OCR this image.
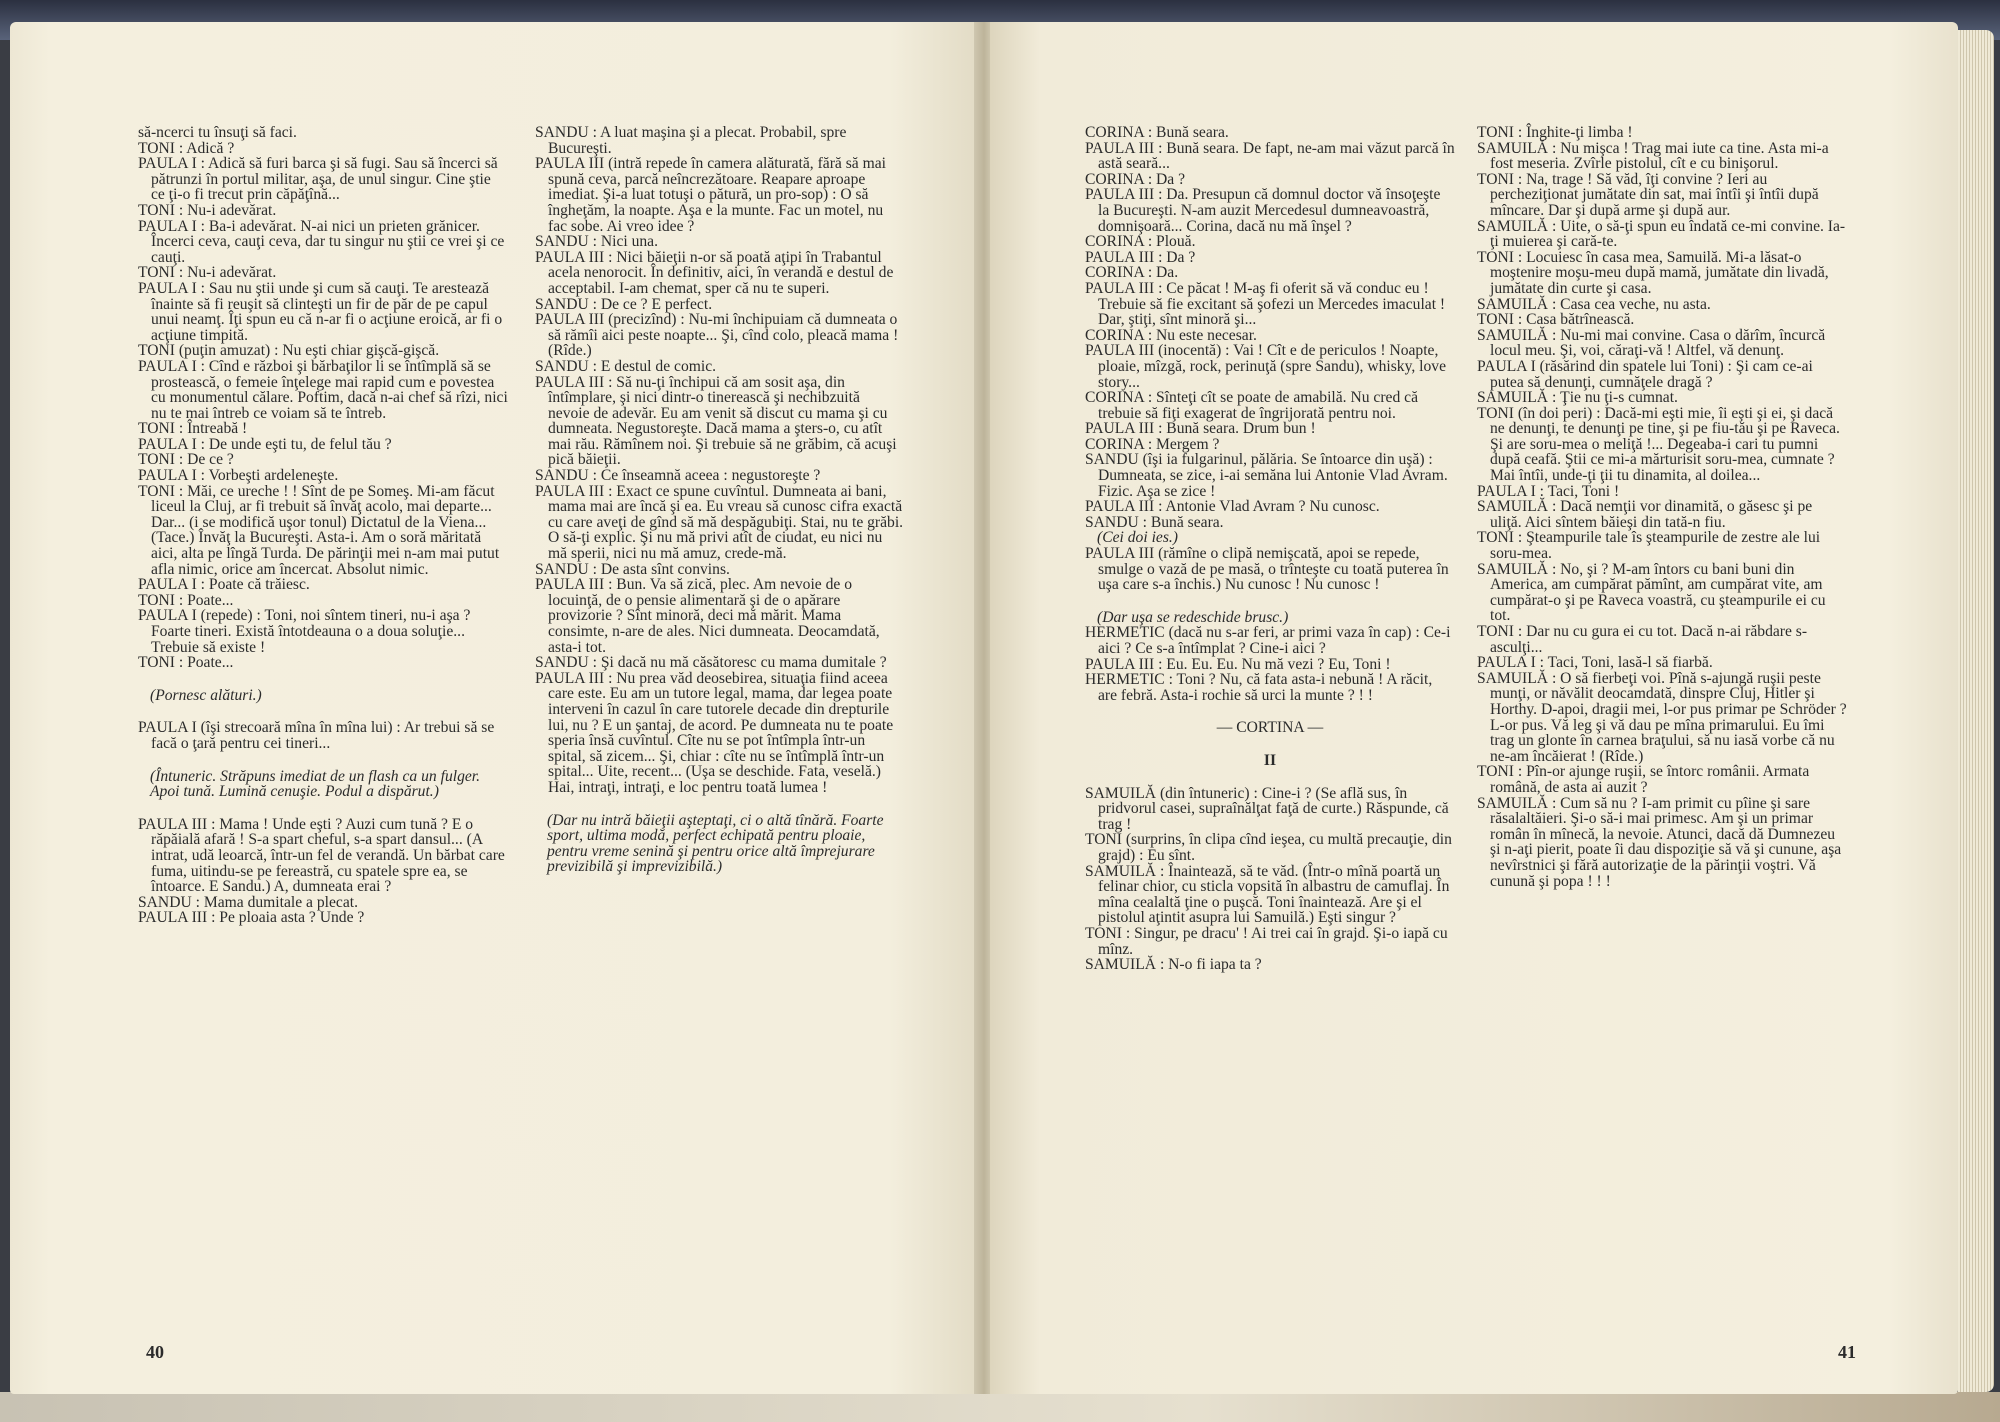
să-ncerci tu însuţi să faci.
TONI : Adică ?
PAULA I : Adică să furi barca şi să fugi. Sau să încerci să pătrunzi în portul militar, aşa, de unul singur. Cine ştie ce ţi-o fi trecut prin căpăţînă...
TONI : Nu-i adevărat.
PAULA I : Ba-i adevărat. N-ai nici un prieten grănicer. Încerci ceva, cauţi ceva, dar tu singur nu ştii ce vrei şi ce cauţi.
TONI : Nu-i adevărat.
PAULA I : Sau nu ştii unde şi cum să cauţi. Te arestează înainte să fi reuşit să clinteşti un fir de păr de pe capul unui neamţ. Îţi spun eu că n-ar fi o acţiune eroică, ar fi o acţiune timpită.
TONI (puţin amuzat) : Nu eşti chiar gişcă-gişcă.
PAULA I : Cînd e război şi bărbaţilor li se întîmplă să se prostească, o femeie înţelege mai rapid cum e povestea cu monumentul călare. Poftim, dacă n-ai chef să rîzi, nici nu te mai întreb ce voiam să te întreb.
TONI : Întreabă !
PAULA I : De unde eşti tu, de felul tău ?
TONI : De ce ?
PAULA I : Vorbeşti ardeleneşte.
TONI : Măi, ce ureche ! ! Sînt de pe Someş. Mi-am făcut liceul la Cluj, ar fi trebuit să învăţ acolo, mai departe... Dar... (i se modifică uşor tonul) Dictatul de la Viena... (Tace.) Învăţ la Bucureşti. Asta-i. Am o soră măritată aici, alta pe lîngă Turda. De părinţii mei n-am mai putut afla nimic, orice am încercat. Absolut nimic.
PAULA I : Poate că trăiesc.
TONI : Poate...
PAULA I (repede) : Toni, noi sîntem tineri, nu-i aşa ? Foarte tineri. Există întotdeauna o a doua soluţie... Trebuie să existe !
TONI : Poate...
(Pornesc alături.)
PAULA I (îşi strecoară mîna în mîna lui) : Ar trebui să se facă o ţară pentru cei tineri...
(Întuneric. Străpuns imediat de un flash ca un fulger. Apoi tună. Lumină cenuşie. Podul a dispărut.)
PAULA III : Mama ! Unde eşti ? Auzi cum tună ? E o răpăială afară ! S-a spart cheful, s-a spart dansul... (A intrat, udă leoarcă, într-un fel de verandă. Un bărbat care fuma, uitindu-se pe fereastră, cu spatele spre ea, se întoarce. E Sandu.) A, dumneata erai ?
SANDU : Mama dumitale a plecat.
PAULA III : Pe ploaia asta ? Unde ?
SANDU : A luat maşina şi a plecat. Probabil, spre Bucureşti.
PAULA III (intră repede în camera alăturată, fără să mai spună ceva, parcă neîncrezătoare. Reapare aproape imediat. Şi-a luat totuşi o pătură, un pro-sop) : O să îngheţăm, la noapte. Aşa e la munte. Fac un motel, nu fac sobe. Ai vreo idee ?
SANDU : Nici una.
PAULA III : Nici băieţii n-or să poată aţipi în Trabantul acela nenorocit. În definitiv, aici, în verandă e destul de acceptabil. I-am chemat, sper că nu te superi.
SANDU : De ce ? E perfect.
PAULA III (precizînd) : Nu-mi închipuiam că dumneata o să rămîi aici peste noapte... Şi, cînd colo, pleacă mama ! (Rîde.)
SANDU : E destul de comic.
PAULA III : Să nu-ţi închipui că am sosit aşa, din întîmplare, şi nici dintr-o tinerească şi nechibzuită nevoie de adevăr. Eu am venit să discut cu mama şi cu dumneata. Negustoreşte. Dacă mama a şters-o, cu atît mai rău. Rămînem noi. Şi trebuie să ne grăbim, că acuşi pică băieţii.
SANDU : Ce înseamnă aceea : negustoreşte ?
PAULA III : Exact ce spune cuvîntul. Dumneata ai bani, mama mai are încă şi ea. Eu vreau să cunosc cifra exactă cu care aveţi de gînd să mă despăgubiţi. Stai, nu te grăbi. O să-ţi explic. Şi nu mă privi atît de ciudat, eu nici nu mă sperii, nici nu mă amuz, crede-mă.
SANDU : De asta sînt convins.
PAULA III : Bun. Va să zică, plec. Am nevoie de o locuinţă, de o pensie alimentară şi de o apărare provizorie ? Sînt minoră, deci mă mărit. Mama consimte, n-are de ales. Nici dumneata. Deocamdată, asta-i tot.
SANDU : Şi dacă nu mă căsătoresc cu mama dumitale ?
PAULA III : Nu prea văd deosebirea, situaţia fiind aceea care este. Eu am un tutore legal, mama, dar legea poate interveni în cazul în care tutorele decade din drepturile lui, nu ? E un şantaj, de acord. Pe dumneata nu te poate speria însă cuvîntul. Cîte nu se pot întîmpla într-un spital, să zicem... Şi, chiar : cîte nu se întîmplă într-un spital... Uite, recent... (Uşa se deschide. Fata, veselă.) Hai, intraţi, intraţi, e loc pentru toată lumea !
(Dar nu intră băieţii aşteptaţi, ci o altă tînără. Foarte sport, ultima modă, perfect echipată pentru ploaie, pentru vreme senină şi pentru orice altă împrejurare previzibilă şi imprevizibilă.)
40
CORINA : Bună seara.
PAULA III : Bună seara. De fapt, ne-am mai văzut parcă în astă seară...
CORINA : Da ?
PAULA III : Da. Presupun că domnul doctor vă însoţeşte la Bucureşti. N-am auzit Mercedesul dumneavoastră, domnişoară... Corina, dacă nu mă înşel ?
CORINA : Plouă.
PAULA III : Da ?
CORINA : Da.
PAULA III : Ce păcat ! M-aş fi oferit să vă conduc eu ! Trebuie să fie excitant să şofezi un Mercedes imaculat ! Dar, ştiţi, sînt minoră şi...
CORINA : Nu este necesar.
PAULA III (inocentă) : Vai ! Cît e de periculos ! Noapte, ploaie, mîzgă, rock, perinuţă (spre Sandu), whisky, love story...
CORINA : Sînteţi cît se poate de amabilă. Nu cred că trebuie să fiţi exagerat de îngrijorată pentru noi.
PAULA III : Bună seara. Drum bun !
CORINA : Mergem ?
SANDU (îşi ia fulgarinul, pălăria. Se întoarce din uşă) : Dumneata, se zice, i-ai semăna lui Antonie Vlad Avram. Fizic. Aşa se zice !
PAULA III : Antonie Vlad Avram ? Nu cunosc.
SANDU : Bună seara.
(Cei doi ies.)
PAULA III (rămîne o clipă nemişcată, apoi se repede, smulge o vază de pe masă, o trînteşte cu toată puterea în uşa care s-a închis.) Nu cunosc ! Nu cunosc !
(Dar uşa se redeschide brusc.)
HERMETIC (dacă nu s-ar feri, ar primi vaza în cap) : Ce-i aici ? Ce s-a întîmplat ? Cine-i aici ?
PAULA III : Eu. Eu. Eu. Nu mă vezi ? Eu, Toni !
HERMETIC : Toni ? Nu, că fata asta-i nebună ! A răcit, are febră. Asta-i rochie să urci la munte ? ! !
— CORTINA —
II
SAMUILĂ (din întuneric) : Cine-i ? (Se află sus, în pridvorul casei, supraînălţat faţă de curte.) Răspunde, că trag !
TONI (surprins, în clipa cînd ieşea, cu multă precauţie, din grajd) : Eu sînt.
SAMUILĂ : Înaintează, să te văd. (Într-o mînă poartă un felinar chior, cu sticla vopsită în albastru de camuflaj. În mîna cealaltă ţine o puşcă. Toni înaintează. Are şi el pistolul aţintit asupra lui Samuilă.) Eşti singur ?
TONI : Singur, pe dracu' ! Ai trei cai în grajd. Şi-o iapă cu mînz.
SAMUILĂ : N-o fi iapa ta ?
TONI : Înghite-ţi limba !
SAMUILĂ : Nu mişca ! Trag mai iute ca tine. Asta mi-a fost meseria. Zvîrle pistolul, cît e cu binişorul.
TONI : Na, trage ! Să văd, îţi convine ? Ieri au percheziţionat jumătate din sat, mai întîi şi întîi după mîncare. Dar şi după arme şi după aur.
SAMUILĂ : Uite, o să-ţi spun eu îndată ce-mi convine. Ia-ţi muierea şi cară-te.
TONI : Locuiesc în casa mea, Samuilă. Mi-a lăsat-o moştenire moşu-meu după mamă, jumătate din livadă, jumătate din curte şi casa.
SAMUILĂ : Casa cea veche, nu asta.
TONI : Casa bătrînească.
SAMUILĂ : Nu-mi mai convine. Casa o dărîm, încurcă locul meu. Şi, voi, căraţi-vă ! Altfel, vă denunţ.
PAULA I (răsărind din spatele lui Toni) : Şi cam ce-ai putea să denunţi, cumnăţele dragă ?
SAMUILĂ : Ţie nu ţi-s cumnat.
TONI (în doi peri) : Dacă-mi eşti mie, îi eşti şi ei, şi dacă ne denunţi, te denunţi pe tine, şi pe fiu-tău şi pe Raveca. Şi are soru-mea o meliţă !... Degeaba-i cari tu pumni după ceafă. Ştii ce mi-a mărturisit soru-mea, cumnate ? Mai întîi, unde-ţi ţii tu dinamita, al doilea...
PAULA I : Taci, Toni !
SAMUILĂ : Dacă nemţii vor dinamită, o găsesc şi pe uliţă. Aici sîntem băieşi din tată-n fiu.
TONI : Şteampurile tale îs şteampurile de zestre ale lui soru-mea.
SAMUILĂ : No, şi ? M-am întors cu bani buni din America, am cumpărat pămînt, am cumpărat vite, am cumpărat-o şi pe Raveca voastră, cu şteampurile ei cu tot.
TONI : Dar nu cu gura ei cu tot. Dacă n-ai răbdare s-asculţi...
PAULA I : Taci, Toni, lasă-l să fiarbă.
SAMUILĂ : O să fierbeţi voi. Pînă s-ajungă ruşii peste munţi, or năvălit deocamdată, dinspre Cluj, Hitler şi Horthy. D-apoi, dragii mei, l-or pus primar pe Schröder ? L-or pus. Vă leg şi vă dau pe mîna primarului. Eu îmi trag un glonte în carnea braţului, să nu iasă vorbe că nu ne-am încăierat ! (Rîde.)
TONI : Pîn-or ajunge ruşii, se întorc românii. Armata română, de asta ai auzit ?
SAMUILĂ : Cum să nu ? I-am primit cu pîine şi sare răsalaltăieri. Şi-o să-i mai primesc. Am şi un primar român în mînecă, la nevoie. Atunci, dacă dă Dumnezeu şi n-aţi pierit, poate îi dau dispoziţie să vă şi cunune, aşa nevîrstnici şi fără autorizaţie de la părinţii voştri. Vă cunună şi popa ! ! !
41
